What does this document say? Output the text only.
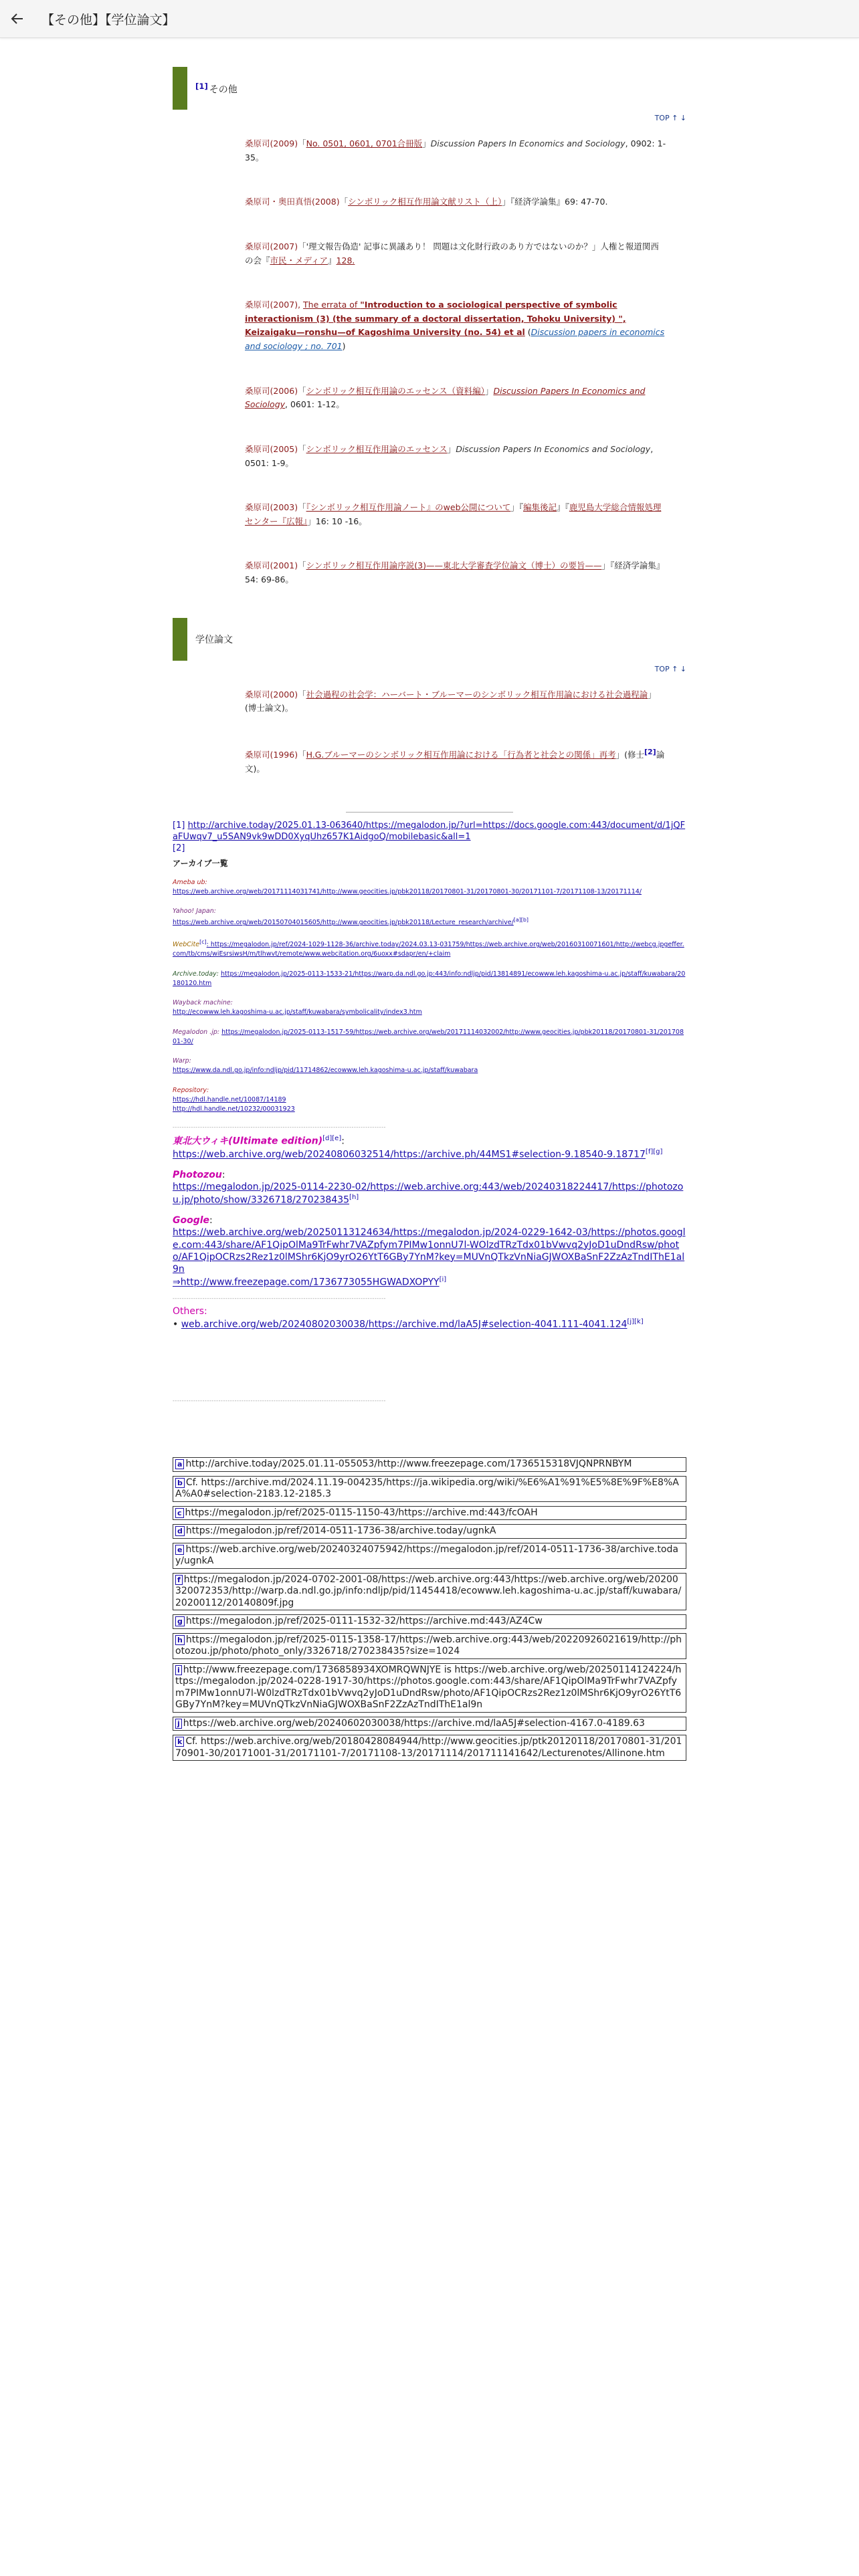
【その他】【学位論文】
[1] その他
TOP ↑ ↓
桑原司(2009)「No. 0501, 0601, 0701合冊版」Discussion Papers In Economics and Sociology, 0902: 1-35。
桑原司・奥田真悟(2008)「シンボリック相互作用論文献リスト（上）」『経済学論集』69: 47-70.
桑原司(2007)「'理文報告偽造' 記事に異議あり！ 問題は文化財行政のあり方ではないのか？」人権と報道関西の会『市民・メディア』128.
桑原司(2007), The errata of "Introduction to a sociological perspective of symbolic interactionism (3) (the summary of a doctoral dissertation, Tohoku University) ", Keizaigaku—ronshu—of Kagoshima University (no. 54) et al (Discussion papers in economics and sociology ; no. 701)
桑原司(2006)「シンボリック相互作用論のエッセンス（資料編）」Discussion Papers In Economics and Sociology, 0601: 1-12。
桑原司(2005)「シンボリック相互作用論のエッセンス」Discussion Papers In Economics and Sociology, 0501: 1-9。
桑原司(2003)「『シンボリック相互作用論ノート』のweb公開について」『編集後記』『鹿児島大学総合情報処理センター『広報』」16: 10 -16。
桑原司(2001)「シンボリック相互作用論序説(3)——東北大学審査学位論文（博士）の要旨——」『経済学論集』54: 69-86。
学位論文
TOP ↑ ↓
桑原司(2000)「社会過程の社会学：ハーバート・ブルーマーのシンボリック相互作用論における社会過程論」(博士論文)。
桑原司(1996)「H.G.ブルーマーのシンボリック相互作用論における「行為者と社会との関係」再考」(修士[2]論文)。
[1] http://archive.today/2025.01.13-063640/https://megalodon.jp/?url=https://docs.google.com:443/document/d/1jQFaFUwqv7_u5SAN9vk9wDD0XyqUhz657K1AidgoQ/mobilebasic&all=1
[2]
アーカイブ一覧
Ameba ub:
https://web.archive.org/web/20171114031741/http://www.geocities.jp/pbk20118/20170801-31/20170801-30/20171101-7/20171108-13/20171114/
Yahoo! Japan:
https://web.archive.org/web/20150704015605/http://www.geocities.jp/pbk20118/Lecture_research/archive/[a][b]
WebCite[c]: https://megalodon.jp/ref/2024-1029-1128-36/archive.today/2024.03.13-031759/https://web.archive.org/web/20160310071601/http://webcg.jpgeffer.com/tb/cms/wiEsrsiwsH/m/tlhwvt/remote/www.webcitation.org/6uoxx#sdapr/en/+claim
Archive.today: https://megalodon.jp/2025-0113-1533-21/https://warp.da.ndl.go.jp:443/info:ndljp/pid/13814891/ecowww.leh.kagoshima-u.ac.jp/staff/kuwabara/20180120.htm
Wayback machine:
http://ecowww.leh.kagoshima-u.ac.jp/staff/kuwabara/symbolicality/index3.htm
Megalodon .jp: https://megalodon.jp/2025-0113-1517-59/https://web.archive.org/web/20171114032002/http://www.geocities.jp/pbk20118/20170801-31/20170801-30/
Warp:
https://www.da.ndl.go.jp/info:ndljp/pid/11714862/ecowww.leh.kagoshima-u.ac.jp/staff/kuwabara
Repository:
https://hdl.handle.net/10087/14189
http://hdl.handle.net/10232/00031923
- - - - - - - - - - - - - - - - - - - - - - - - - - - - - - - - - - - - - - - - - - - - - - - - - - - - - - - - - - - - - - - - - - - - - - - - - - - - - - - - - - - - - - - - - - - - -
東北大ウィキ(Ultimate edition)[d][e]:
https://web.archive.org/web/20240806032514/https://archive.ph/44MS1#selection-9.18540-9.18717[f][g]
Photozou:
https://megalodon.jp/2025-0114-2230-02/https://web.archive.org:443/web/20240318224417/https://photozou.jp/photo/show/3326718/270238435[h]
Google:
https://web.archive.org/web/20250113124634/https://megalodon.jp/2024-0229-1642-03/https://photos.google.com:443/share/AF1QipOlMa9TrFwhr7VAZpfym7PIMw1onnU7l-WOlzdTRzTdx01bVwvq2yJoD1uDndRsw/photo/AF1QipOCRzs2Rez1z0lMShr6KjO9yrO26YtT6GBy7YnM?key=MUVnQTkzVnNiaGJWOXBaSnF2ZzAzTndIThE1al9n
⇒http://www.freezepage.com/1736773055HGWADXOPYY[i]
- - - - - - - - - - - - - - - - - - - - - - - - - - - - - - - - - - - - - - - - - - - - - - - - - - - - - - - - - - - - - - - - - - - - - - - - - - - - - - - - - - - - - - - - - - - - -
Others:
• web.archive.org/web/20240802030038/https://archive.md/laA5J#selection-4041.111-4041.124[j][k]
- - - - - - - - - - - - - - - - - - - - - - - - - - - - - - - - - - - - - - - - - - - - - - - - - - - - - - - - - - - - - - - - - - - - - - - - - - - - - - - - - - - - - - - - - - - - -
a http://archive.today/2025.01.11-055053/http://www.freezepage.com/1736515318VJQNPRNBYM
b Cf. https://archive.md/2024.11.19-004235/https://ja.wikipedia.org/wiki/%E6%A1%91%E5%8E%9F%E8%AA%A0#selection-2183.12-2185.3
c https://megalodon.jp/ref/2025-0115-1150-43/https://archive.md:443/fcOAH
d https://megalodon.jp/ref/2014-0511-1736-38/archive.today/ugnkA
e https://web.archive.org/web/20240324075942/https://megalodon.jp/ref/2014-0511-1736-38/archive.today/ugnkA
f https://megalodon.jp/2024-0702-2001-08/https://web.archive.org:443/https://web.archive.org/web/20200320072353/http://warp.da.ndl.go.jp/info:ndljp/pid/11454418/ecowww.leh.kagoshima-u.ac.jp/staff/kuwabara/20200112/20140809f.jpg
g https://megalodon.jp/ref/2025-0111-1532-32/https://archive.md:443/AZ4Cw
h https://megalodon.jp/ref/2025-0115-1358-17/https://web.archive.org:443/web/20220926021619/http://photozou.jp/photo/photo_only/3326718/270238435?size=1024
i http://www.freezepage.com/1736858934XOMRQWNJYE is https://web.archive.org/web/20250114124224/https://megalodon.jp/2024-0228-1917-30/https://photos.google.com:443/share/AF1QipOlMa9TrFwhr7VAZpfym7PIMw1onnU7l-W0lzdTRzTdx01bVwvq2yJoD1uDndRsw/photo/AF1QipOCRzs2Rez1z0lMShr6KjO9yrO26YtT6GBy7YnM?key=MUVnQTkzVnNiaGJWOXBaSnF2ZzAzTndIThE1al9n
j https://web.archive.org/web/20240602030038/https://archive.md/laA5J#selection-4167.0-4189.63
k Cf. https://web.archive.org/web/20180428084944/http://www.geocities.jp/ptk20120118/20170801-31/20170901-30/20171001-31/20171101-7/20171108-13/20171114/201711141642/Lecturenotes/Allinone.htm
